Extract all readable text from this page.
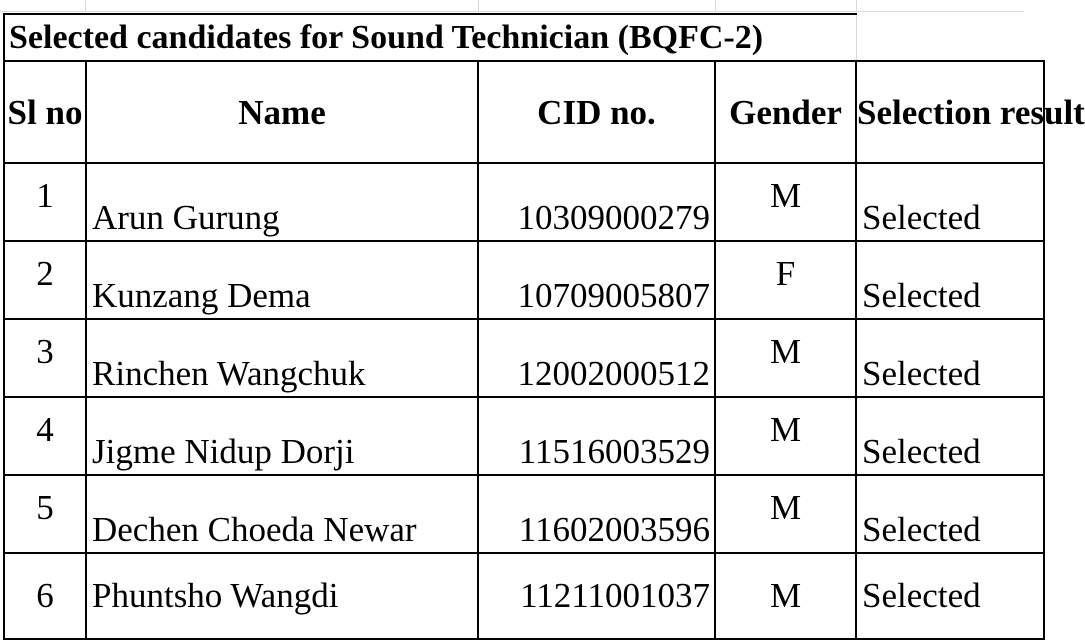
Selected candidates for Sound Technician (BQFC-2)				
Sl no	Name	CID no.	Gender	Selection result
1	Arun Gurung	10309000279	M	Selected
2	Kunzang Dema	10709005807	F	Selected
3	Rinchen Wangchuk	12002000512	M	Selected
4	Jigme Nidup Dorji	11516003529	M	Selected
5	Dechen Choeda Newar	11602003596	M	Selected
6	Phuntsho Wangdi	11211001037	M	Selected
